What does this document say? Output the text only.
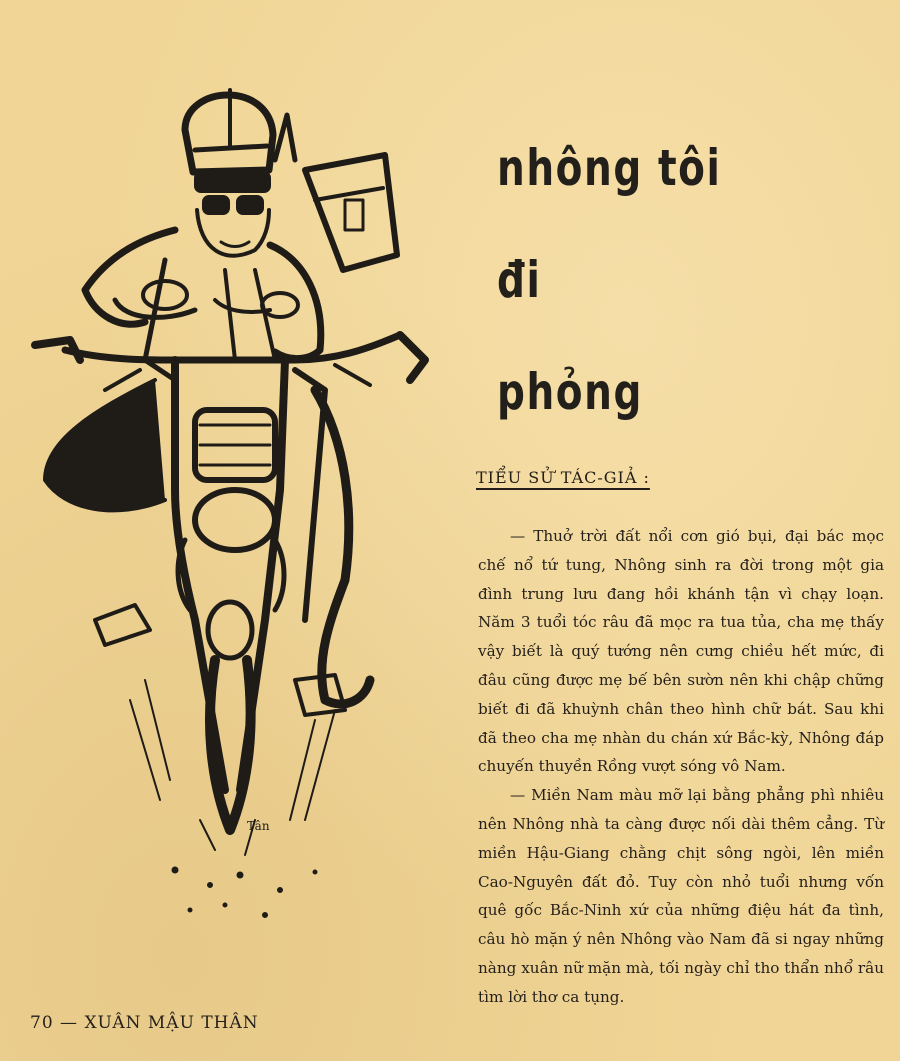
Tân
nhông tôi
đi
phỏng
TIỂU SỬ TÁC-GIẢ :

— Thuở trời đất nổi cơn gió bụi, đại bác mọc chế nổ tứ tung, Nhông sinh ra đời trong một gia đình trung lưu đang hồi khánh tận vì chạy loạn. Năm 3 tuổi tóc râu đã mọc ra tua tủa, cha mẹ thấy vậy biết là quý tướng nên cưng chiều hết mức, đi đâu cũng được mẹ bế bên sườn nên khi chập chững biết đi đã khuỳnh chân theo hình chữ bát. Sau khi đã theo cha mẹ nhàn du chán xứ Bắc-kỳ, Nhông đáp chuyến thuyền Rồng vượt sóng vô Nam.

— Miền Nam màu mỡ lại bằng phẳng phì nhiêu nên Nhông nhà ta càng được nối dài thêm cẳng. Từ miền Hậu-Giang chằng chịt sông ngòi, lên miền Cao-Nguyên đất đỏ. Tuy còn nhỏ tuổi nhưng vốn quê gốc Bắc-Ninh xứ của những điệu hát đa tình, câu hò mặn ý nên Nhông vào Nam đã si ngay những nàng xuân nữ mặn mà, tối ngày chỉ tho thẩn nhổ râu tìm lời thơ ca tụng.

70 — XUÂN MẬU THÂN
